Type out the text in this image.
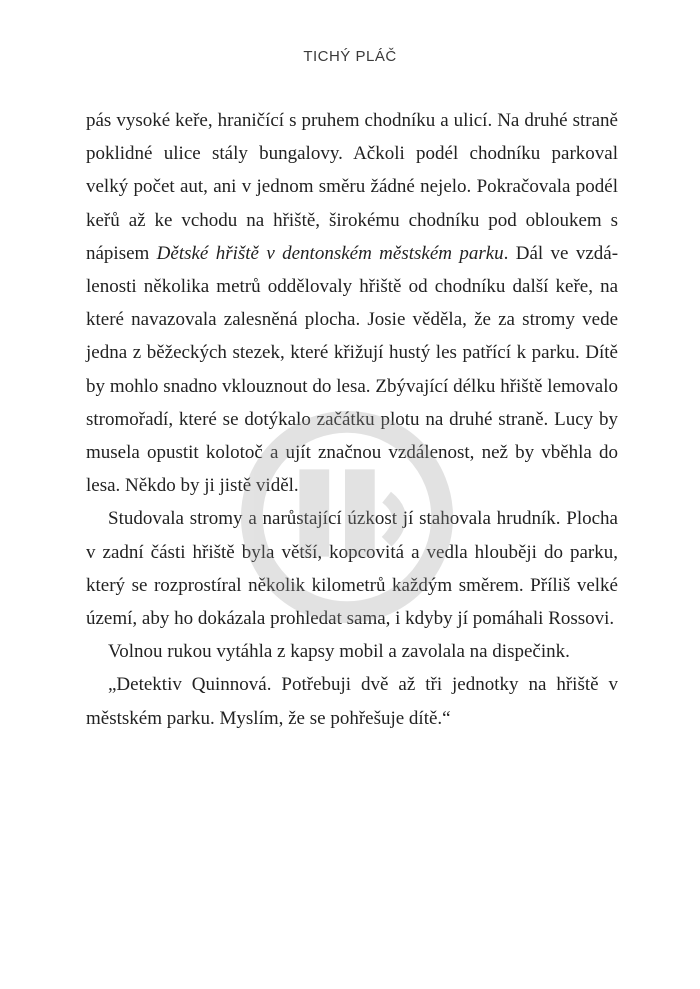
TICHÝ PLÁČ

pás vysoké keře, hraničící s pruhem chodníku a ulicí. Na druhé straně poklidné ulice stály bungalovy. Ačkoli podél chodníku parkoval velký počet aut, ani v jednom směru žádné nejelo. Pokračovala podél keřů až ke vchodu na hřiště, širokému chodníku pod obloukem s nápisem Dětské hřiště v dentonském městském parku. Dál ve vzdálenosti několika metrů oddělovaly hřiště od chodníku další keře, na které navazovala zalesněná plocha. Josie věděla, že za stromy vede jedna z běžeckých stezek, které křižují hustý les patřící k parku. Dítě by mohlo snadno vklouznout do lesa. Zbývající délku hřiště lemovalo stromořadí, které se dotýkalo začátku plotu na druhé straně. Lucy by musela opustit kolotoč a ujít značnou vzdálenost, než by vběhla do lesa. Někdo by ji jistě viděl.

Studovala stromy a narůstající úzkost jí stahovala hrudník. Plocha v zadní části hřiště byla větší, kopcovitá a vedla hlouběji do parku, který se rozprostíral několik kilometrů každým směrem. Příliš velké území, aby ho dokázala prohledat sama, i kdyby jí pomáhali Rossovi.

Volnou rukou vytáhla z kapsy mobil a zavolala na dispečink.

„Detektiv Quinnová. Potřebuji dvě až tři jednotky na hřiště v městském parku. Myslím, že se pohřešuje dítě.“
